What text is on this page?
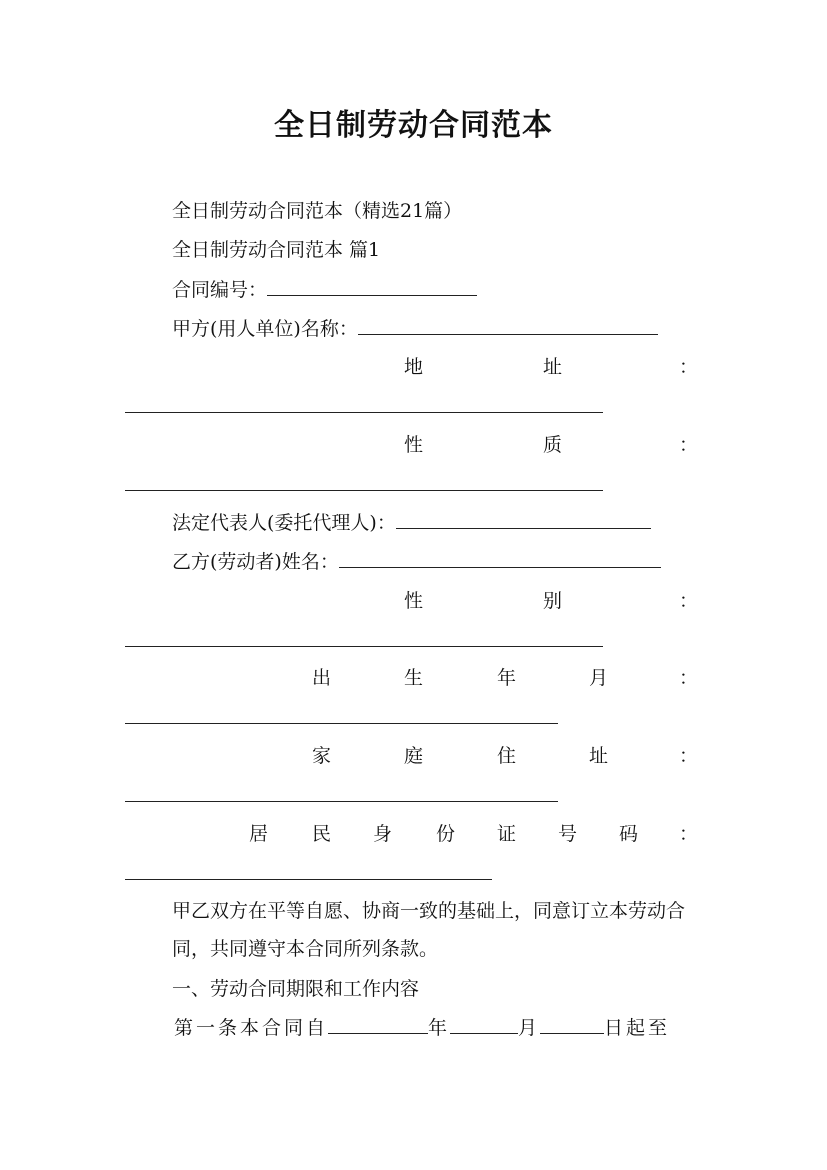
全日制劳动合同范本
全日制劳动合同范本（精选21篇）
全日制劳动合同范本 篇1
合同编号：
甲方(用人单位)名称：
地	址	：
性	质	：
法定代表人(委托代理人)：
乙方(劳动者)姓名：
性	别	：
出	生	年	月	：
家	庭	住	址	：
居 民 身 份 证 号 码 ：
甲乙双方在平等自愿、协商一致的基础上，同意订立本劳动合同，共同遵守本合同所列条款。
一、劳动合同期限和工作内容
第一条本合同自	年	月	日起至
